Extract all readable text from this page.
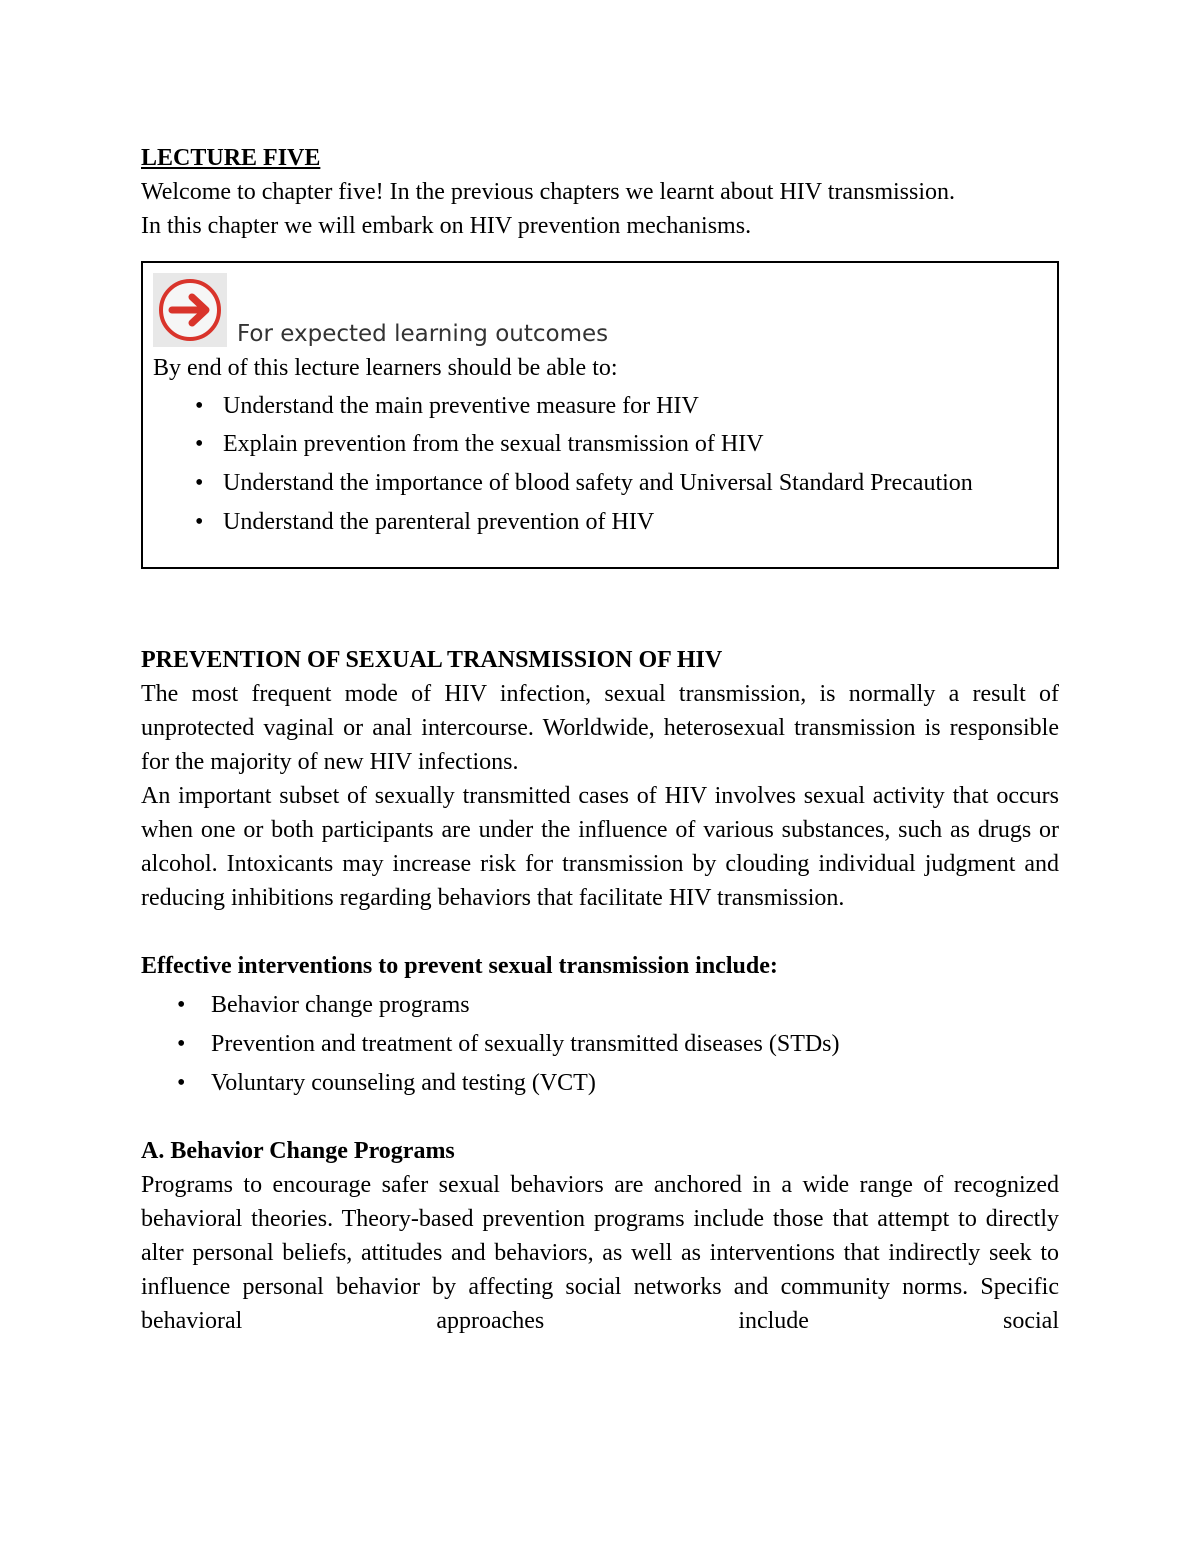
LECTURE FIVE

Welcome to chapter five! In the previous chapters we learnt about HIV transmission.

In this chapter we will embark on HIV prevention mechanisms.

For expected learning outcomes

By end of this lecture learners should be able to:

• Understand the main preventive measure for HIV
• Explain prevention from the sexual transmission of HIV
• Understand the importance of blood safety and Universal Standard Precaution
• Understand the parenteral prevention of HIV

PREVENTION OF SEXUAL TRANSMISSION OF HIV

The most frequent mode of HIV infection, sexual transmission, is normally a result of unprotected vaginal or anal intercourse. Worldwide, heterosexual transmission is responsible for the majority of new HIV infections.

An important subset of sexually transmitted cases of HIV involves sexual activity that occurs when one or both participants are under the influence of various substances, such as drugs or alcohol. Intoxicants may increase risk for transmission by clouding individual judgment and reducing inhibitions regarding behaviors that facilitate HIV transmission.

Effective interventions to prevent sexual transmission include:

• Behavior change programs
• Prevention and treatment of sexually transmitted diseases (STDs)
• Voluntary counseling and testing (VCT)

A. Behavior Change Programs

Programs to encourage safer sexual behaviors are anchored in a wide range of recognized behavioral theories. Theory-based prevention programs include those that attempt to directly alter personal beliefs, attitudes and behaviors, as well as interventions that indirectly seek to influence personal behavior by affecting social networks and community norms. Specific behavioral approaches include social
